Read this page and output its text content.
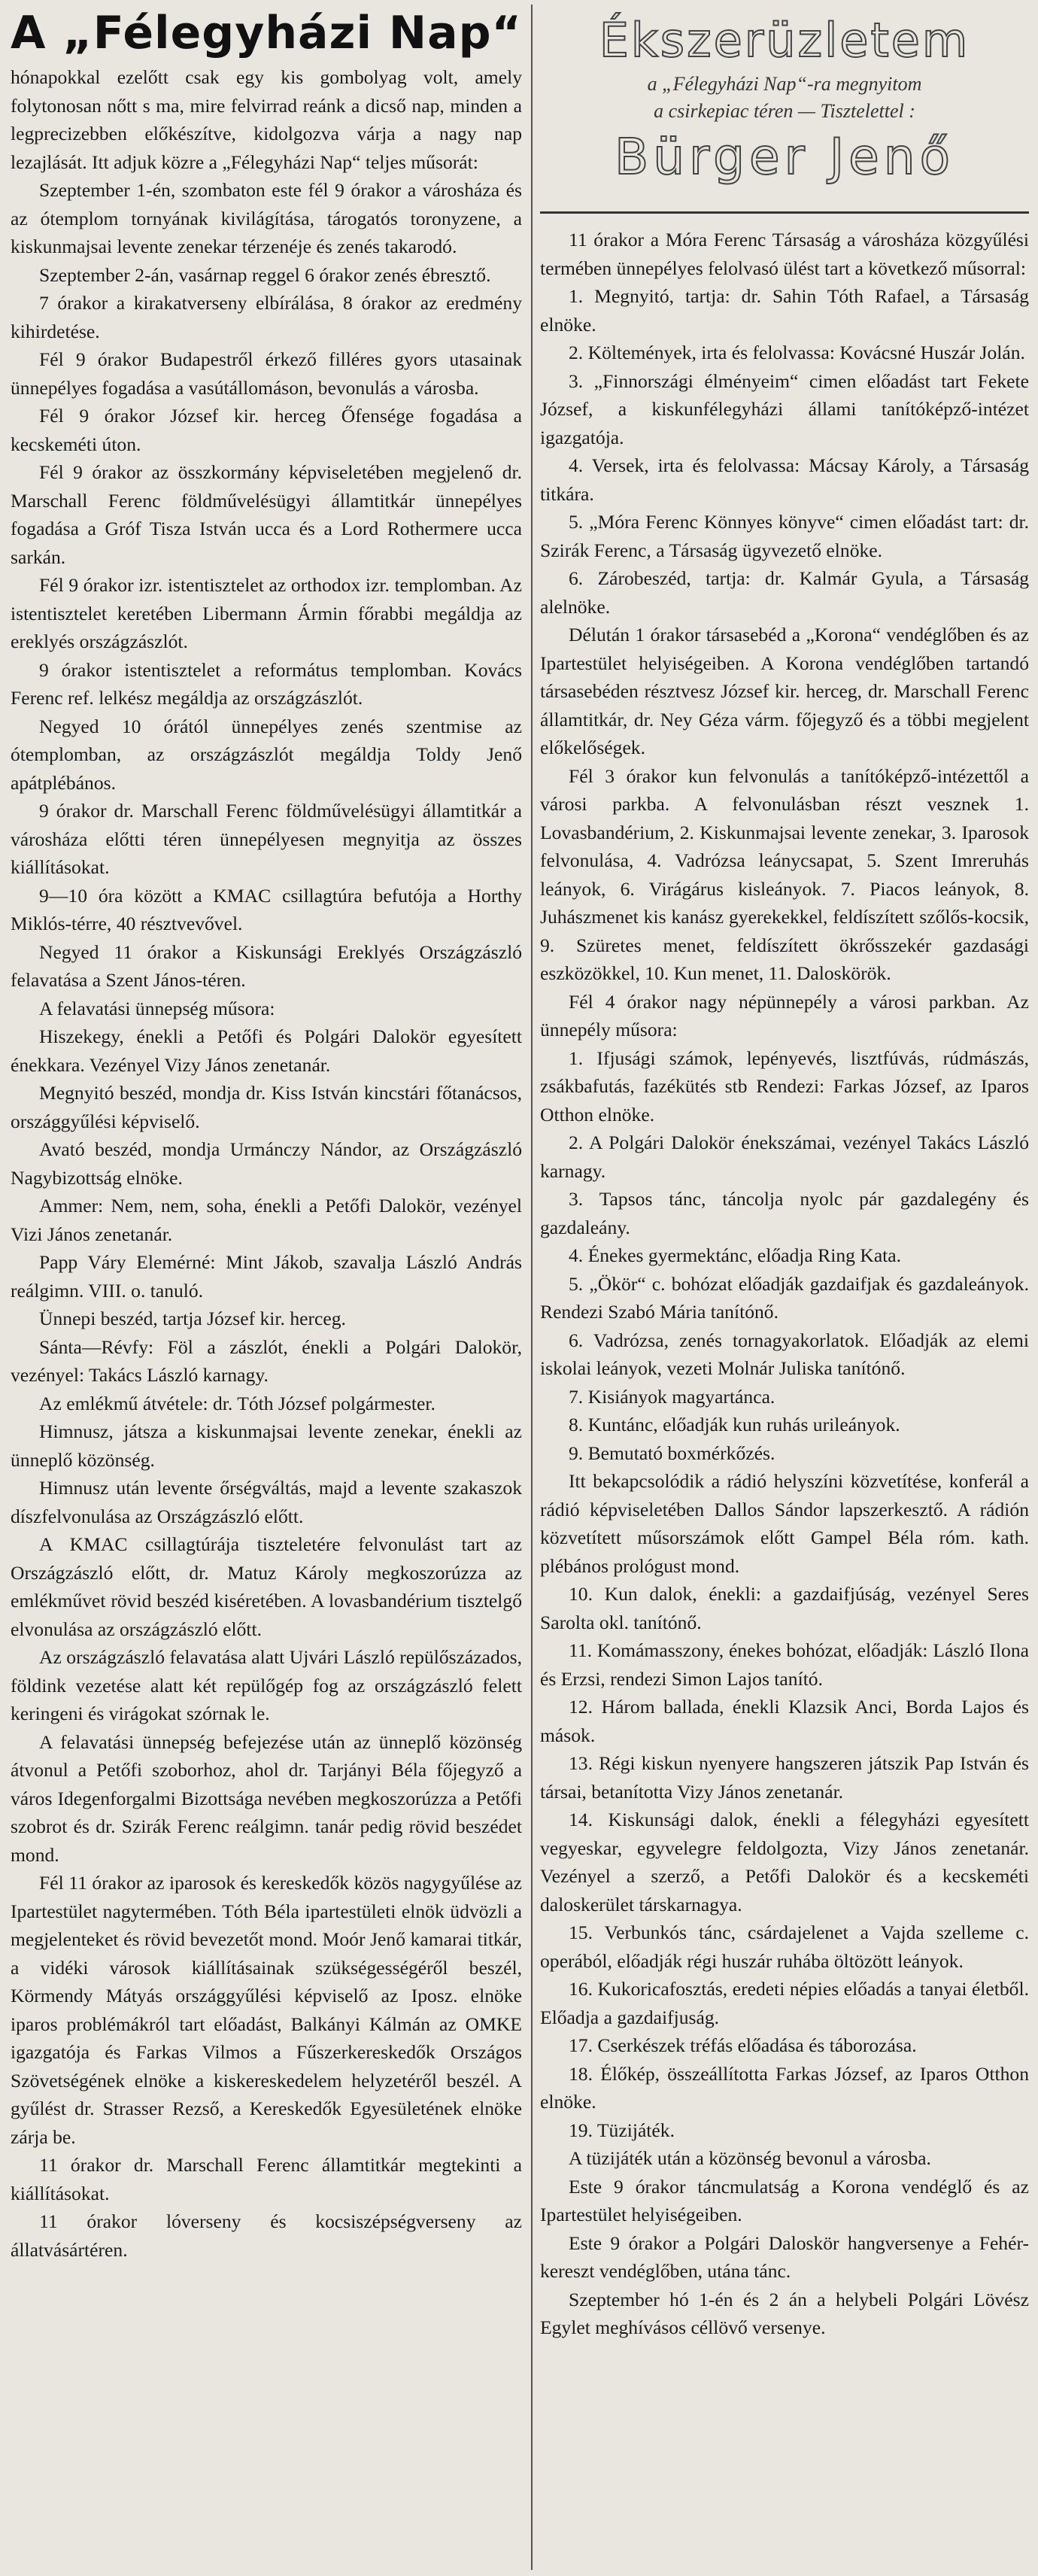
A „Félegyházi Nap“

hónapokkal ezelőtt csak egy kis gombolyag volt, amely folytonosan nőtt s ma, mire felvirrad reánk a dicső nap, minden a legprecizebben előkészítve, kidolgozva várja a nagy nap lezajlását. Itt adjuk közre a „Félegyházi Nap“ teljes műsorát:

Szeptember 1-én, szombaton este fél 9 órakor a városháza és az ótemplom tornyának kivilágítása, tárogatós toronyzene, a kiskunmajsai levente zenekar térzenéje és zenés takarodó.

Szeptember 2-án, vasárnap reggel 6 órakor zenés ébresztő.

7 órakor a kirakatverseny elbírálása, 8 órakor az eredmény kihirdetése.

Fél 9 órakor Budapestről érkező filléres gyors utasainak ünnepélyes fogadása a vasútállomáson, bevonulás a városba.

Fél 9 órakor József kir. herceg Őfensége fogadása a kecskeméti úton.

Fél 9 órakor az összkormány képviseletében megjelenő dr. Marschall Ferenc földművelésügyi államtitkár ünnepélyes fogadása a Gróf Tisza István ucca és a Lord Rothermere ucca sarkán.

Fél 9 órakor izr. istentisztelet az orthodox izr. templomban. Az istentisztelet keretében Libermann Ármin főrabbi megáldja az ereklyés országzászlót.

9 órakor istentisztelet a református templomban. Kovács Ferenc ref. lelkész megáldja az országzászlót.

Negyed 10 órától ünnepélyes zenés szentmise az ótemplomban, az országzászlót megáldja Toldy Jenő apátplébános.

9 órakor dr. Marschall Ferenc földművelésügyi államtitkár a városháza előtti téren ünnepélyesen megnyitja az összes kiállításokat.

9—10 óra között a KMAC csillagtúra befutója a Horthy Miklós-térre, 40 résztvevővel.

Negyed 11 órakor a Kiskunsági Ereklyés Országzászló felavatása a Szent János-téren.

A felavatási ünnepség műsora:

Hiszekegy, énekli a Petőfi és Polgári Dalokör egyesített énekkara. Vezényel Vizy János zenetanár.

Megnyitó beszéd, mondja dr. Kiss István kincstári főtanácsos, országgyűlési képviselő.

Avató beszéd, mondja Urmánczy Nándor, az Országzászló Nagybizottság elnöke.

Ammer: Nem, nem, soha, énekli a Petőfi Dalokör, vezényel Vizi János zenetanár.

Papp Váry Elemérné: Mint Jákob, szavalja László András reálgimn. VIII. o. tanuló.

Ünnepi beszéd, tartja József kir. herceg.

Sánta—Révfy: Föl a zászlót, énekli a Polgári Dalokör, vezényel: Takács László karnagy.

Az emlékmű átvétele: dr. Tóth József polgármester.

Himnusz, játsza a kiskunmajsai levente zenekar, énekli az ünneplő közönség.

Himnusz után levente őrségváltás, majd a levente szakaszok díszfelvonulása az Országzászló előtt.

A KMAC csillagtúrája tiszteletére felvonulást tart az Országzászló előtt, dr. Matuz Károly megkoszorúzza az emlékművet rövid beszéd kiséretében. A lovasbandérium tisztelgő elvonulása az országzászló előtt.

Az országzászló felavatása alatt Ujvári László repülőszázados, földink vezetése alatt két repülőgép fog az országzászló felett keringeni és virágokat szórnak le.

A felavatási ünnepség befejezése után az ünneplő közönség átvonul a Petőfi szoborhoz, ahol dr. Tarjányi Béla főjegyző a város Idegenforgalmi Bizottsága nevében megkoszorúzza a Petőfi szobrot és dr. Szirák Ferenc reálgimn. tanár pedig rövid beszédet mond.

Fél 11 órakor az iparosok és kereskedők közös nagygyűlése az Ipartestület nagytermében. Tóth Béla ipartestületi elnök üdvözli a megjelenteket és rövid bevezetőt mond. Moór Jenő kamarai titkár, a vidéki városok kiállításainak szükségességéről beszél, Körmendy Mátyás országgyűlési képviselő az Iposz. elnöke iparos problémákról tart előadást, Balkányi Kálmán az OMKE igazgatója és Farkas Vilmos a Fűszerkereskedők Országos Szövetségének elnöke a kiskereskedelem helyzetéről beszél. A gyűlést dr. Strasser Rezső, a Kereskedők Egyesületének elnöke zárja be.

11 órakor dr. Marschall Ferenc államtitkár megtekinti a kiállításokat.

11 órakor lóverseny és kocsiszépségverseny az állatvásártéren.

Ékszerüzletem
a „Félegyházi Nap“-ra megnyitom
a csirkepiac téren — Tisztelettel :
Bürger Jenő

11 órakor a Móra Ferenc Társaság a városháza közgyűlési termében ünnepélyes felolvasó ülést tart a következő műsorral:

1. Megnyitó, tartja: dr. Sahin Tóth Rafael, a Társaság elnöke.

2. Költemények, irta és felolvassa: Kovácsné Huszár Jolán.

3. „Finnországi élményeim“ cimen előadást tart Fekete József, a kiskunfélegyházi állami tanítóképző-intézet igazgatója.

4. Versek, irta és felolvassa: Mácsay Károly, a Társaság titkára.

5. „Móra Ferenc Könnyes könyve“ cimen előadást tart: dr. Szirák Ferenc, a Társaság ügyvezető elnöke.

6. Zárobeszéd, tartja: dr. Kalmár Gyula, a Társaság alelnöke.

Délután 1 órakor társasebéd a „Korona“ vendéglőben és az Ipartestület helyiségeiben. A Korona vendéglőben tartandó társasebéden résztvesz József kir. herceg, dr. Marschall Ferenc államtitkár, dr. Ney Géza várm. főjegyző és a többi megjelent előkelőségek.

Fél 3 órakor kun felvonulás a tanítóképző-intézettől a városi parkba. A felvonulásban részt vesznek 1. Lovasbandérium, 2. Kiskunmajsai levente zenekar, 3. Iparosok felvonulása, 4. Vadrózsa leánycsapat, 5. Szent Imreruhás leányok, 6. Virágárus kisleányok. 7. Piacos leányok, 8. Juhászmenet kis kanász gyerekekkel, feldíszített szőlős-kocsik, 9. Szüretes menet, feldíszített ökrősszekér gazdasági eszközökkel, 10. Kun menet, 11. Daloskörök.

Fél 4 órakor nagy népünnepély a városi parkban. Az ünnepély műsora:

1. Ifjusági számok, lepényevés, lisztfúvás, rúdmászás, zsákbafutás, fazékütés stb Rendezi: Farkas József, az Iparos Otthon elnöke.

2. A Polgári Dalokör énekszámai, vezényel Takács László karnagy.

3. Tapsos tánc, táncolja nyolc pár gazdalegény és gazdaleány.

4. Énekes gyermektánc, előadja Ring Kata.

5. „Ökör“ c. bohózat előadják gazdaifjak és gazdaleányok. Rendezi Szabó Mária tanítónő.

6. Vadrózsa, zenés tornagyakorlatok. Előadják az elemi iskolai leányok, vezeti Molnár Juliska tanítónő.

7. Kisiányok magyartánca.

8. Kuntánc, előadják kun ruhás urileányok.

9. Bemutató boxmérkőzés.

Itt bekapcsolódik a rádió helyszíni közvetítése, konferál a rádió képviseletében Dallos Sándor lapszerkesztő. A rádión közvetített műsorszámok előtt Gampel Béla róm. kath. plébános prológust mond.

10. Kun dalok, énekli: a gazdaifjúság, vezényel Seres Sarolta okl. tanítónő.

11. Komámasszony, énekes bohózat, előadják: László Ilona és Erzsi, rendezi Simon Lajos tanító.

12. Három ballada, énekli Klazsik Anci, Borda Lajos és mások.

13. Régi kiskun nyenyere hangszeren játszik Pap István és társai, betanította Vizy János zenetanár.

14. Kiskunsági dalok, énekli a félegyházi egyesített vegyeskar, egyvelegre feldolgozta, Vizy János zenetanár. Vezényel a szerző, a Petőfi Dalokör és a kecskeméti daloskerület társkarnagya.

15. Verbunkós tánc, csárdajelenet a Vajda szelleme c. operából, előadják régi huszár ruhába öltözött leányok.

16. Kukoricafosztás, eredeti népies előadás a tanyai életből. Előadja a gazdaifjuság.

17. Cserkészek tréfás előadása és táborozása.

18. Élőkép, összeállította Farkas József, az Iparos Otthon elnöke.

19. Tüzijáték.

A tüzijáték után a közönség bevonul a városba.

Este 9 órakor táncmulatság a Korona vendéglő és az Ipartestület helyiségeiben.

Este 9 órakor a Polgári Daloskör hangversenye a Fehér-kereszt vendéglőben, utána tánc.

Szeptember hó 1-én és 2 án a helybeli Polgári Lövész Egylet meghívásos céllövő versenye.
